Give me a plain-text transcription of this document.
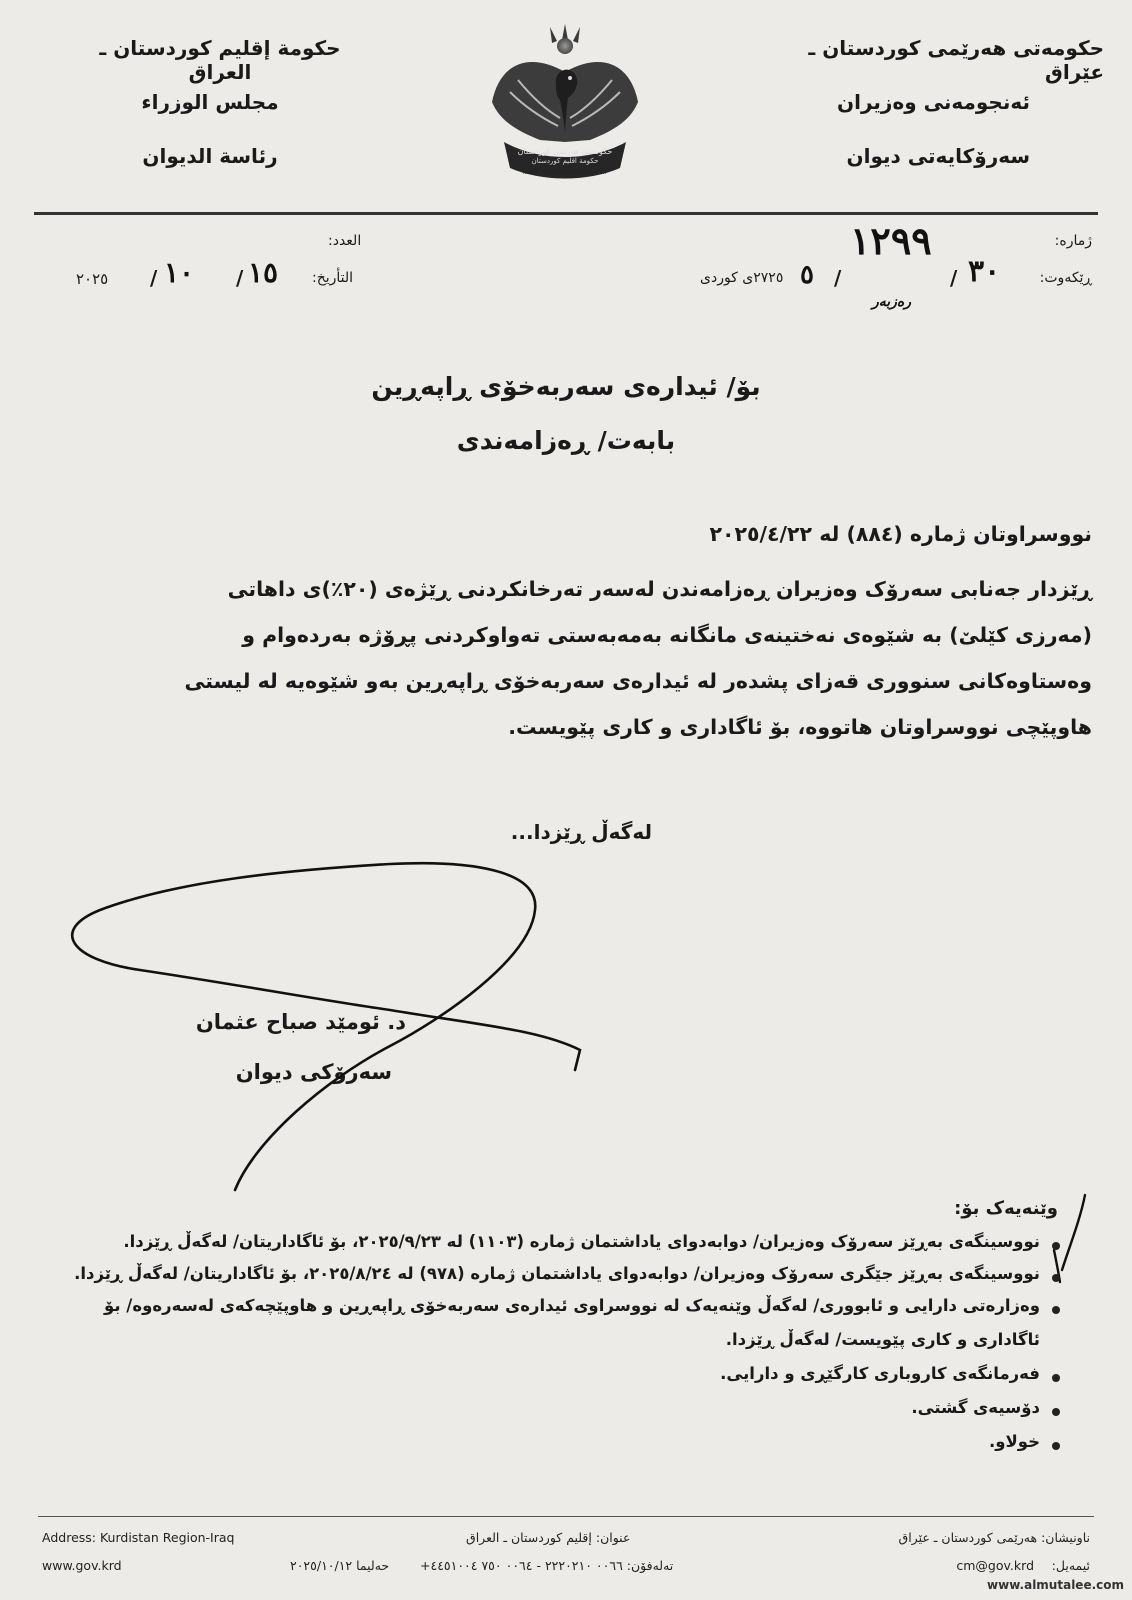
حکومەتی هەرێمی کوردستان ـ عێراق
ئەنجومەنی وەزیران
سەرۆکایەتی دیوان
حكومة إقليم كوردستان ـ العراق
مجلس الوزراء
رئاسة الديوان	حكومەتی هەرێمی كوردستان
حكومة اقليم كوردستان
KURDISTAN REGIONAL GOVERNMENT
ژمارە:
ڕێکەوت:
١٢٩٩
٣٠
/
٥ /
٢٧٢٥ی کوردی
رەزبەر
العدد:
التأريخ:
١٥
/
١٠
/
٢٠٢٥
بۆ/ ئیدارەی سەربەخۆی ڕاپەڕین
بابەت/ ڕەزامەندی
نووسراوتان ژمارە (٨٨٤) لە ٢٠٢٥/٤/٢٢
ڕێزدار جەنابی سەرۆک وەزیران ڕەزامەندن لەسەر تەرخانکردنی ڕێژەی (٢٠٪)ی داهاتی
(مەرزی کێلێ) بە شێوەی نەختینەی مانگانە بەمەبەستی تەواوکردنی پڕۆژە بەردەوام و
وەستاوەکانی سنووری قەزای پشدەر لە ئیدارەی سەربەخۆی ڕاپەڕین بەو شێوەیە لە لیستی
هاوپێچی نووسراوتان هاتووە، بۆ ئاگاداری و کاری پێویست.
لەگەڵ ڕێزدا...
د. ئومێد صباح عثمان
سەرۆکی دیوان
وێنەیەک بۆ:
نووسینگەی بەڕێز سەرۆک وەزیران/ دوابەدوای یاداشتمان ژمارە (١١٠٣) لە ٢٠٢٥/٩/٢٣، بۆ ئاگاداریتان/ لەگەڵ ڕێزدا.
نووسینگەی بەڕێز جێگری سەرۆک وەزیران/ دوابەدوای یاداشتمان ژمارە (٩٧٨) لە ٢٠٢٥/٨/٢٤، بۆ ئاگاداریتان/ لەگەڵ ڕێزدا.
وەزارەتی دارایی و ئابووری/ لەگەڵ وێنەیەک لە نووسراوی ئیدارەی سەربەخۆی ڕاپەڕین و هاوپێچەکەی لەسەرەوە/ بۆ
ئاگاداری و کاری پێویست/ لەگەڵ ڕێزدا.
فەرمانگەی کاروباری کارگێڕی و دارایی.
دۆسیەی گشتی.
خولاو.
Address: Kurdistan Region-Iraq
www.gov.krd	حەلیما ٢٠٢٥/١٠/١٢
عنوان: إقليم كوردستان ـ العراق
تەلەفۆن: ٠٠٦٦ ٢٢٢٠٢١٠ - ٠٠٦٤ ٧٥٠ ٤٤٥١٠٠٤+
ناونیشان: هەرێمی کوردستان ـ عێراق
ئیمەیل:
cm@gov.krd
www.almutalee.com
